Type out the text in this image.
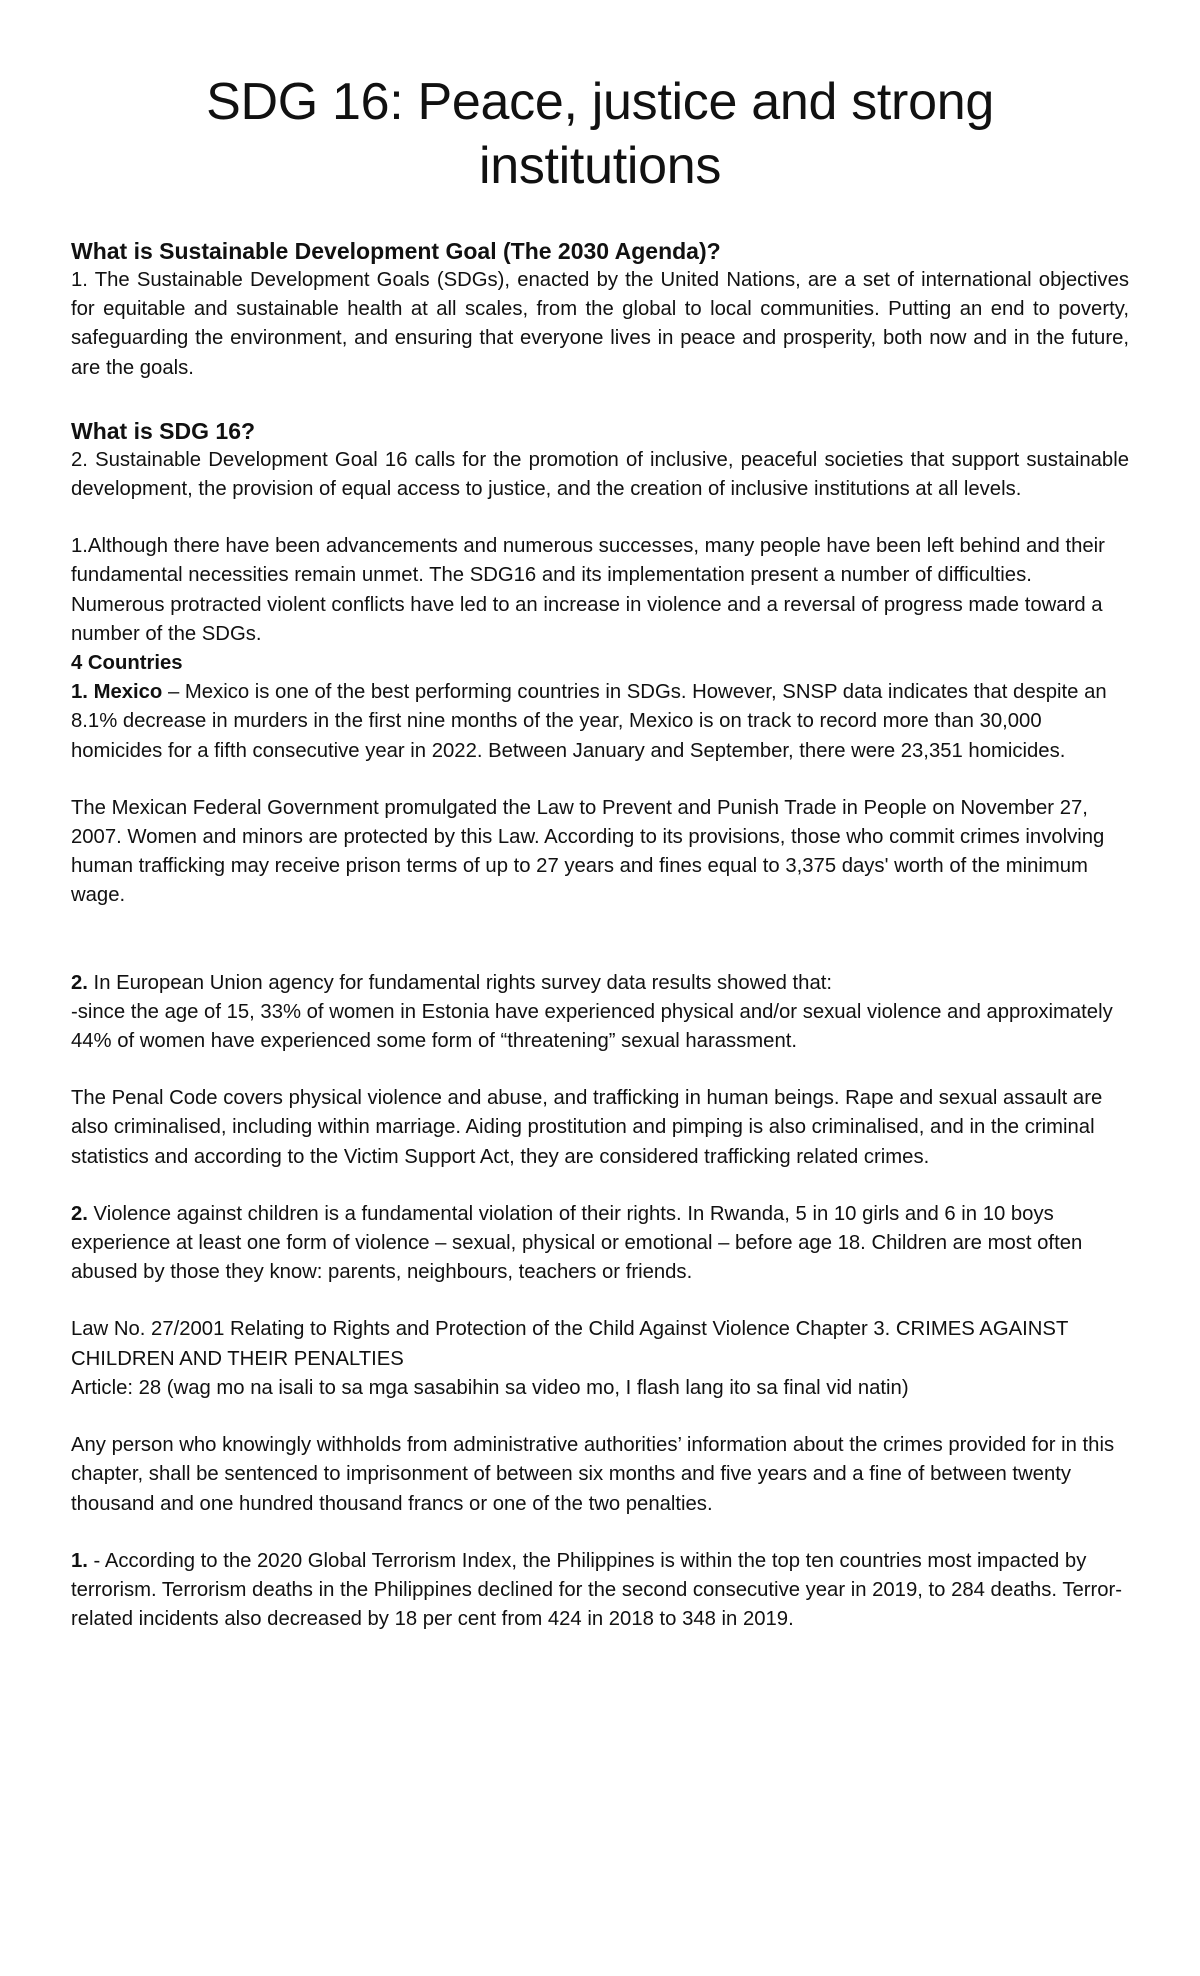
SDG 16: Peace, justice and strong institutions
What is Sustainable Development Goal (The 2030 Agenda)?

1. The Sustainable Development Goals (SDGs), enacted by the United Nations, are a set of international objectives for equitable and sustainable health at all scales, from the global to local communities. Putting an end to poverty, safeguarding the environment, and ensuring that everyone lives in peace and prosperity, both now and in the future, are the goals.

What is SDG 16?

2. Sustainable Development Goal 16 calls for the promotion of inclusive, peaceful societies that support sustainable development, the provision of equal access to justice, and the creation of inclusive institutions at all levels.

1.Although there have been advancements and numerous successes, many people have been left behind and their fundamental necessities remain unmet. The SDG16 and its implementation present a number of difficulties. Numerous protracted violent conflicts have led to an increase in violence and a reversal of progress made toward a number of the SDGs.

4 Countries

1. Mexico – Mexico is one of the best performing countries in SDGs. However, SNSP data indicates that despite an 8.1% decrease in murders in the first nine months of the year, Mexico is on track to record more than 30,000 homicides for a fifth consecutive year in 2022. Between January and September, there were 23,351 homicides.

The Mexican Federal Government promulgated the Law to Prevent and Punish Trade in People on November 27, 2007. Women and minors are protected by this Law. According to its provisions, those who commit crimes involving human trafficking may receive prison terms of up to 27 years and fines equal to 3,375 days' worth of the minimum wage.

2. In European Union agency for fundamental rights survey data results showed that:

-since the age of 15, 33% of women in Estonia have experienced physical and/or sexual violence and approximately 44% of women have experienced some form of “threatening” sexual harassment.

The Penal Code covers physical violence and abuse, and trafficking in human beings. Rape and sexual assault are also criminalised, including within marriage. Aiding prostitution and pimping is also criminalised, and in the criminal statistics and according to the Victim Support Act, they are considered trafficking related crimes.

2. Violence against children is a fundamental violation of their rights. In Rwanda, 5 in 10 girls and 6 in 10 boys experience at least one form of violence – sexual, physical or emotional – before age 18. Children are most often abused by those they know: parents, neighbours, teachers or friends.

Law No. 27/2001 Relating to Rights and Protection of the Child Against Violence Chapter 3. CRIMES AGAINST CHILDREN AND THEIR PENALTIES

Article: 28 (wag mo na isali to sa mga sasabihin sa video mo, I flash lang ito sa final vid natin)

Any person who knowingly withholds from administrative authorities’ information about the crimes provided for in this chapter, shall be sentenced to imprisonment of between six months and five years and a fine of between twenty thousand and one hundred thousand francs or one of the two penalties.

1. - According to the 2020 Global Terrorism Index, the Philippines is within the top ten countries most impacted by terrorism. Terrorism deaths in the Philippines declined for the second consecutive year in 2019, to 284 deaths. Terror-related incidents also decreased by 18 per cent from 424 in 2018 to 348 in 2019.
